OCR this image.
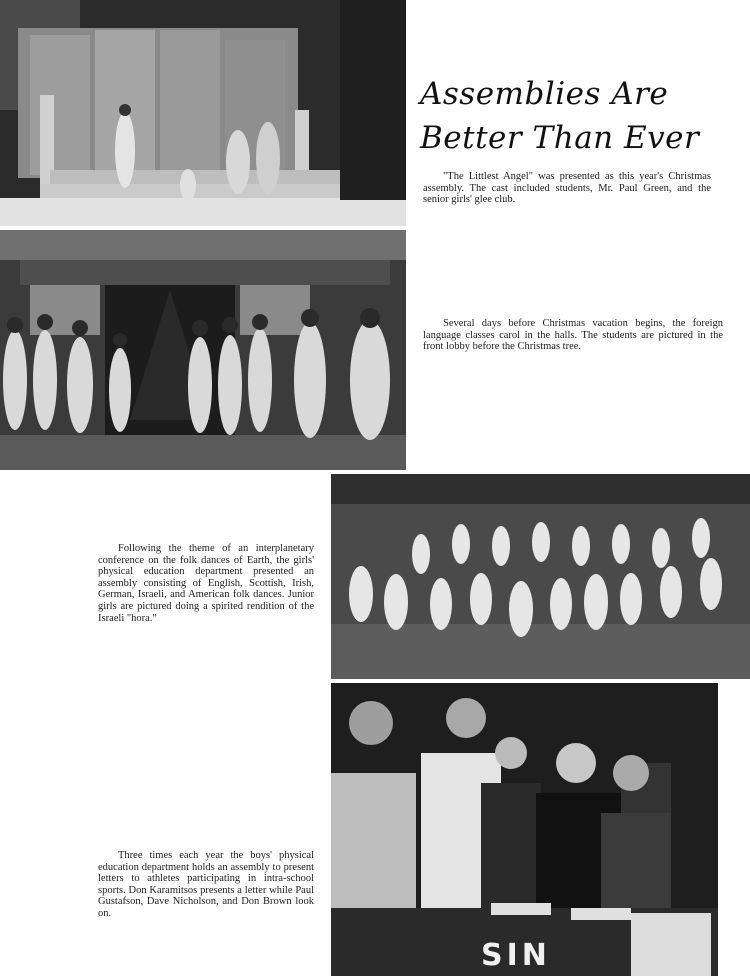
SIN
Assemblies Are
Better Than Ever
"The Littlest Angel" was presented as this year's Christmas assembly. The cast included students, Mr. Paul Green, and the senior girls' glee club.
Several days before Christmas vacation begins, the foreign language classes carol in the halls. The students are pictured in the front lobby before the Christmas tree.
Following the theme of an interplanetary conference on the folk dances of Earth, the girls' physical education department presented an assembly consisting of English, Scottish, Irish, German, Israeli, and American folk dances. Junior girls are pictured doing a spirited rendition of the Israeli "hora."
Three times each year the boys' physical education department holds an assembly to present letters to athletes participating in intra-school sports. Don Karamitsos presents a letter while Paul Gustafson, Dave Nicholson, and Don Brown look on.
